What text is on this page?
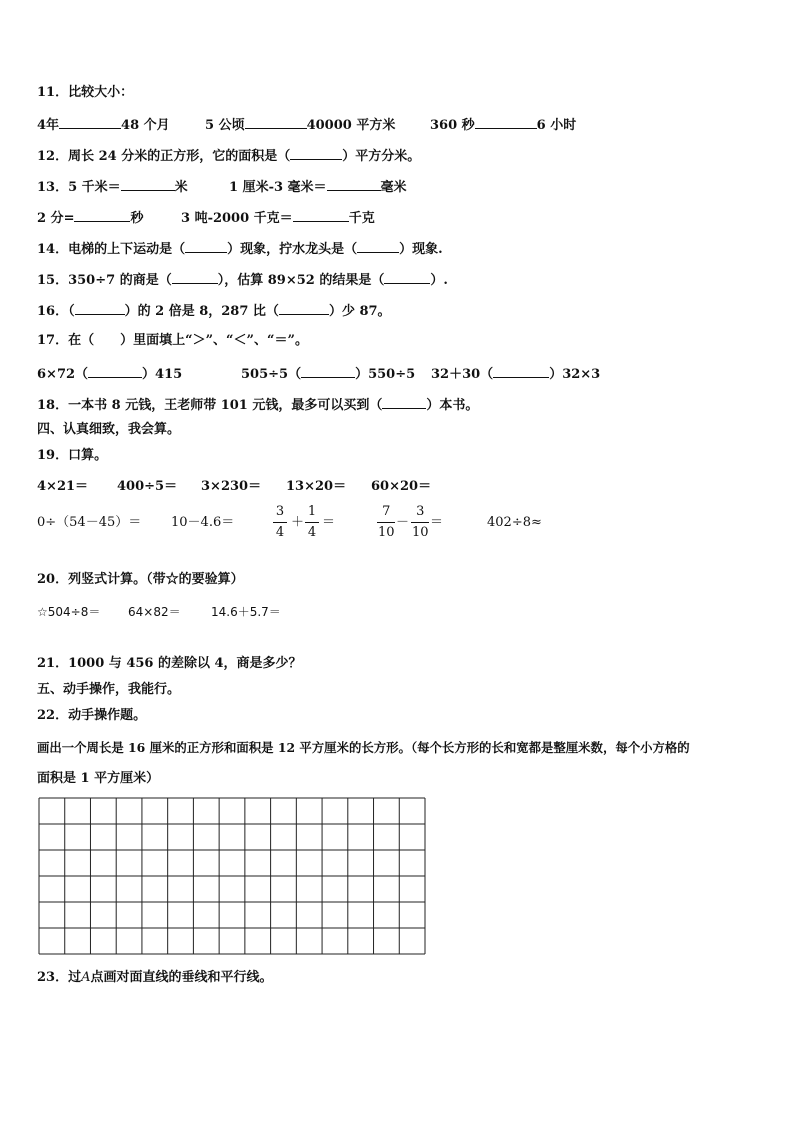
11．比较大小：
4年	48 个月	5 公顷	40000 平方米	360 秒	6 小时
12．周长 24 分米的正方形，它的面积是（	）平方分米。
13．5 千米＝	米	1 厘米-3 毫米＝	毫米
2 分=	秒	3 吨-2000 千克＝	千克
14．电梯的上下运动是（	）现象，拧水龙头是（	）现象.
15．350÷7 的商是（	），估算 89×52 的结果是（	）.
16．（	）的 2 倍是 8，287 比（	）少 87。
17．在（　　）里面填上“＞”、“＜”、“＝”。
6×72（	）415	505÷5（	）550÷5 32＋30（	）32×3
18．一本书 8 元钱，王老师带 101 元钱，最多可以买到（	）本书。
四、认真细致，我会算。
19．口算。
4×21＝ 400÷5＝ 3×230＝ 13×20＝ 60×20＝
0÷（54－45）＝ 10－4.6＝
3
4
＋
1
4
＝
7
10
－
3
10
＝	402÷8≈
20．列竖式计算。（带☆的要验算）
☆504÷8＝ 64×82＝	14.6＋5.7＝
21．1000 与 456 的差除以 4，商是多少？
五、动手操作，我能行。
22．动手操作题。
画出一个周长是 16 厘米的正方形和面积是 12 平方厘米的长方形。（每个长方形的长和宽都是整厘米数，每个小方格的
面积是 1 平方厘米）
23．过A点画对面直线的垂线和平行线。
